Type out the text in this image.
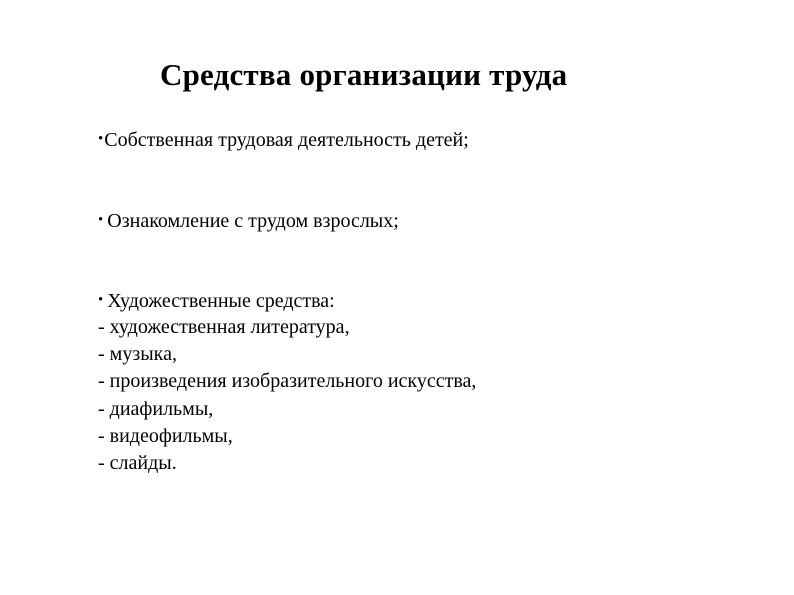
Средства организации труда
•Собственная трудовая деятельность детей;
• Ознакомление с трудом взрослых;
• Художественные средства:
- художественная литература,
- музыка,
- произведения изобразительного искусства,
- диафильмы,
- видеофильмы,
- слайды.
